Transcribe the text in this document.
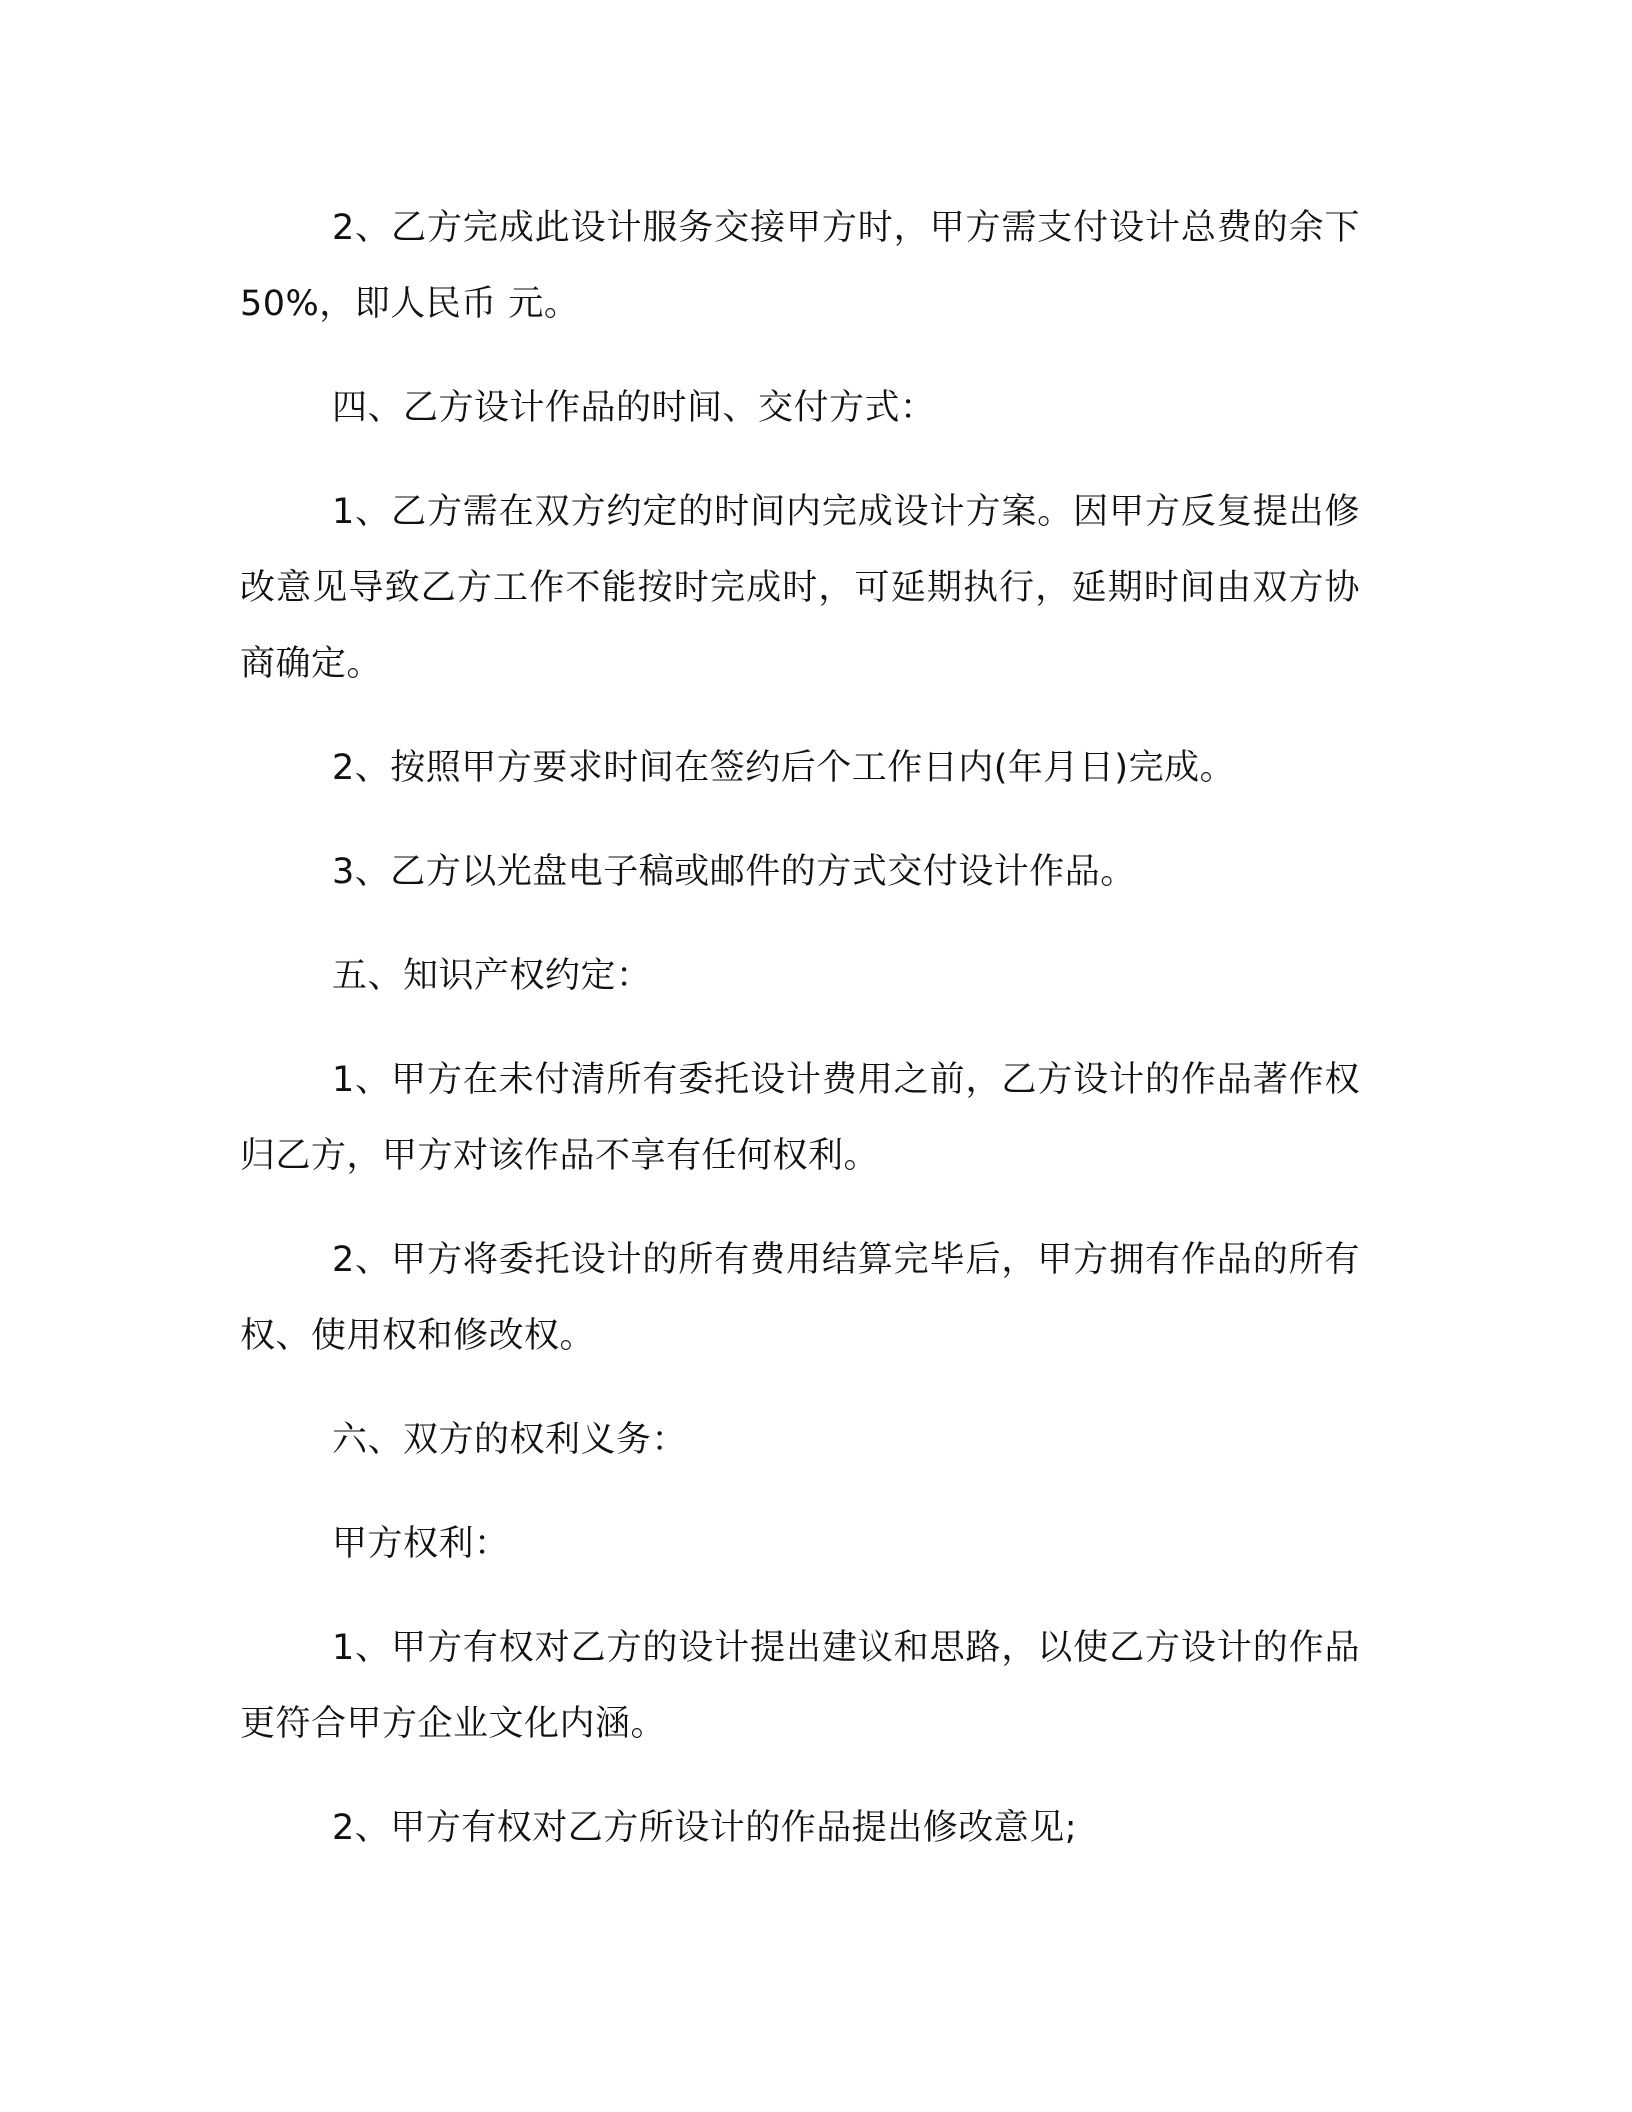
2、乙方完成此设计服务交接甲方时，甲方需支付设计总费的余下 50%，即人民币 元。

四、乙方设计作品的时间、交付方式：

1、乙方需在双方约定的时间内完成设计方案。因甲方反复提出修改意见导致乙方工作不能按时完成时，可延期执行，延期时间由双方协商确定。

2、按照甲方要求时间在签约后个工作日内(年月日)完成。

3、乙方以光盘电子稿或邮件的方式交付设计作品。

五、知识产权约定：

1、甲方在未付清所有委托设计费用之前，乙方设计的作品著作权归乙方，甲方对该作品不享有任何权利。

2、甲方将委托设计的所有费用结算完毕后，甲方拥有作品的所有权、使用权和修改权。

六、双方的权利义务：

甲方权利：

1、甲方有权对乙方的设计提出建议和思路，以使乙方设计的作品更符合甲方企业文化内涵。

2、甲方有权对乙方所设计的作品提出修改意见;
